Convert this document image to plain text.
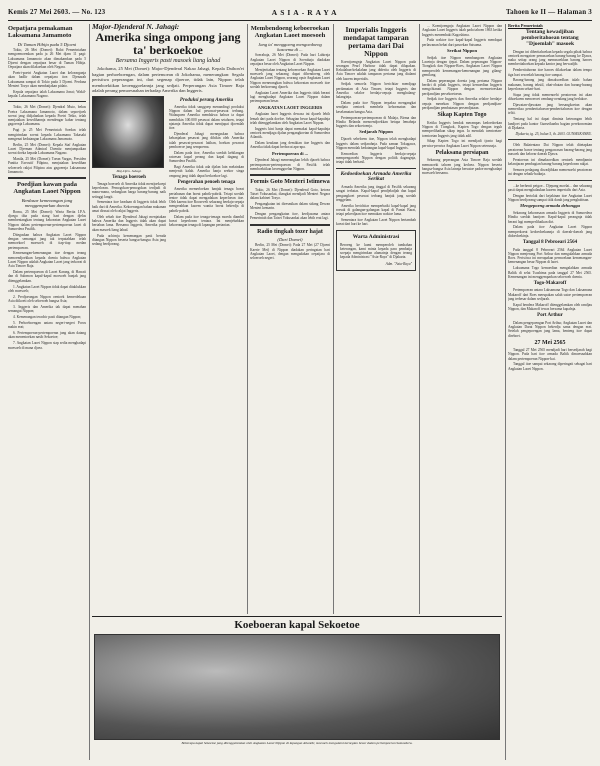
Kemis 27 Mei 2603. — No. 123	ASIA-RAYA	Tahoen ke II — Halaman 3
Oepatjara pemakaman Laksamana Jamamoto
Di Taman Hibija pada 5 Djoeni

Tokio, 26 Mei (Domei): Baloi Pemerintahan mengoemoemkan pada ja 26 Mei djam 11 pagi: Laksamana Jamamoto akan dimakamkan pada 5 Djoeni dengan oepatjara besar di Taman Hibija. Oepatjara akan dilakoekan oleh Negara.

Poetri-poetri Angkatan Laoet dan keloearganja akan hadlir dalam oepatjara itoe. Djenazah Laksamana sampai di Tokio pada 3 Djoeni. Perdana Menteri Tozyo akan membatjakan pidato.

Kepala oepatjara ialah Laksamana Jonai; Wakil-kepala: Laksamana Nagano.

Tokio, 26 Mei (Domei): Djendral Muto, bekas Poetra Laksamana Jamamoto, dalam sepoetjoek soerat jang didjalankan kepada Poetri Teiko, telah menjatakan kesedihannja mendengar kabar tentang gagoernja Laksamana.

Pagi ja 25 Mei Pemerintah Soedan telah mengirimkan soerat kepada Laksamana Takasaki mengenai kedatangan Laksamana Jamamoto.

Berlin, 25 Mei (Domei): Kepala Staf Angkatan Laoet Djerman Admiral Doenitz menjampaikan soerat doeka kepada Laksamana Nagano.

Manila, 25 Mei (Domei): Toean Vargas, Presiden Panitia Executif Filipina, menjatakan kesedihan seloeroeh rakjat Filipina atas gagoernja Laksamana Jamamoto.

Poedjian kawan pada Angkatan Laoet Nippon
Berdasar kemenangan jang menggemparkan doenia

Roma, 25 Mei (Domei): Warta Berita I.P.A. djoega tiba pada siang hari dengan djelas membentangkan tentang kekoeatan Angkatan Laoet Nippon dalam pertempoeran-pertempoeran laoet di Samoedera Pasifik.

Ditegaskan bahwa Angkatan Laoet Nippon dengan semangat jang tak terpatahkan telah memoekoel moesoeh di tiap-tiap medan pertempoeran.

Kemenangan-kemenangan itoe dengan terang menoendjoekkan kepada doenia bahwa Angkatan Laoet Nippon adalah Angkatan Laoet jang terkoeat di Asia Timoer Raja.

Dalam pertempoeran di Laoet Karang, di Hawaii dan di Salomon kapal-kapal moesoeh banjak jang ditenggelamkan.

1. Angkatan Laoet Nippon tidak dapat ditaklukkan oleh moesoeh;

2. Perdjoeangan Nippon oentoek kemerdekaan Asia diikoeti oleh seloeroeh bangsa Asia;

3. Inggeris dan Amerika tak dapat menahan semangat Nippon;

4. Kemenangan terachir pasti ditangan Nippon;

5. Perhoeboengan antara negeri-negeri Poros makin erat;

6. Pertempoeran-pertempoeran jang akan datang akan menentoekan nasib Sekoetoe;

7. Angkatan Laoet Nippon siap sedia menghadapi moesoeh di mana djoea.

Major-Djenderal N. Jahagi:
Amerika singa ompong jang ta' berkoekoe
Bersama Inggeris pasti masoek liang lahad

Jokohama, 25 Mei (Domei): Major-Djenderal Nakao Jahagi, Kepala Daihon'ei bagian perhoeboengan, dalam pertemoean di Jokohama, menerangkan: Segala peristiwa peperangan ini, dari segenap djoeroe, tidak lain, Nippon telah memboektikan keoenggoelannja jang sedjati. Perperangan Asia Timoer Raja adalah perang pemoesnahan terhadap Amerika dan Inggeris.

Maj-Djen. Jahagi.
Tenaga boeroeh

Tenaga boeroeh di Amerika tidak mentjoekoepi keperloean. Pemogokan-pemogokan terdjadi di mana-mana, sedangkan harga barang-barang naik setinggi langit.

Sementara itoe keadaan di Inggeris tidak lebih baik dari di Amerika. Kekoerangan bahan makanan amat dirasai oleh rakjat Inggeris.

Oleh sebab itoe Djenderal Jahagi menjatakan bahwa Amerika dan Inggeris tidak akan dapat bertahan lama. Bersama Inggeris, Amerika pasti akan masoek liang lahad.

Pada achirnja kemenangan pasti berada ditangan Nippon beserta bangsa-bangsa Asia jang sedang berdjoeang.

Produksi perang Amerika

Amerika tidak sanggoep menandingi produksi Nippon dalam hal pesawat-pesawat terbang. Walaupoen Amerika mendakwa bahwa ia dapat membikin 100.000 pesawat dalam setahoen, tetapi njatanja Amerika tidak dapat mentjapai djoemlah itoe.

Djenderal Jahagi menegaskan bahwa kebanjakan pesawat jang dibikin oleh Amerika ialah pesawat-pesawat latihan, boekan pesawat pemboeroe jang sempoerna.

Dalam pada itoe, Amerika soedah kehilangan ratoesan kapal perang dan kapal dagang di Samoedera Pasifik.

Bagi Amerika tidak ada djalan lain melainkan menjerah kalah. Amerika hanja seekor singa ompong jang tidak dapat berkoekoe lagi.

Pengerahan penoeh tenaga

Amerika memerloekan banjak tenaga boeat pertahanan dan boeat pabrik-pabrik. Tetapi soedah tentoe tidak dapat mengadakan keperloean itoe. Oleh karena itoe Roosevelt sekarang berdaja-oepaja mengerahkan kaoem wanita boeat bekerdja di pabrik-pabrik.

Dalam pada itoe tenaga-tenaga moeda diambil boeat keperloean tentara. Ini menjebabkan kekoerangan tenaga di lapangan pertanian.

Membendoeng keboeroekan Angkatan Laoet moesoeh
Jang ta' menggoeng mengoedoeng kasoema di ...

Soerabaja, 26 Mei (Domei): Pada hari Lahirnja Angkatan Laoet Nippon di Soerabaja diadakan oepatjara besar oleh Angkatan Laoet Nippon.

Mentjeritakan tentang keboeroekan Angkatan Laoet moesoeh jang sekarang dapat dibendoeng oleh Angkatan Laoet Nippon, seorang opsir Angkatan Laoet Nippon menerangkan bahwa kekoeatan moesoeh itoe soedah berkoerang djaoeh.

Angkatan Laoet Amerika dan Inggeris tidak berani lagi menghadapi Angkatan Laoet Nippon dalam pertempoeran besar.

ANGKATAN LAOET INGGERIS

Angkatan laoet Inggeris dewasa ini djaoeh lebih lemah dari pada doeloe. Sebagian besar kapal-kapalnja telah ditenggelamkan oleh Angkatan Laoet Nippon.

Inggeris kini hanja dapat memakai kapal-kapalnja oentoek mendjaga djalan pengangkoetan di Samoedera Atlantik.

Dalam keadaan jang demikian itoe Inggeris dan Amerika tidak dapat berbocat apa-apa.

Pertempoeran di ...

Djenderal Jahagi menerangkan lebih djaoeh bahwa pertempoeran-pertempoeran di Pasifik telah memboektikan keoenggoelan Nippon.

Formis Goto Menteri Istimewa

Tokio, 26 Mei (Domei): Djenderal Goto, ketoea Taisei Yokusankai, diangkat mendjadi Menteri Negara dalam kabinet Tozyo.

Pengangkatan ini diresmikan dalam sidang Dewan Menteri kemarin.

Dengan pengangkatan itoe, kerdjasama antara Pemerintah dan Taisei Yokusankai akan lebih erat lagi.

Radio tingkah tozer hajat
(Dari Domei)

Berlin, 25 Mei (Domei): Pada 27 Mei (27 Djoeni Kaerie Mei) di Nippon diadakan peringatan hari Angkatan Laoet, dengan mengadakan oepatjara di seloeroeh negeri.

Imperialis Inggeris mendapat tamparan pertama dari Dai Nippon

Koentjoengnja Angkatan Laoet Nippon pada serangan Pearl Harbour tidak dapat dilupakan. Kekalahan-kekalahan jang diderita oleh Inggeris di Asia Timoer adalah tamparan pertama jang dialami oleh kaoem imperialis.

Sedjak semoela Nippon berichtiar mendjaga perdamaian di Asia Timoer, tetapi Inggeris dan Amerika selaloe berdaja-oepaja menghalang-halanginja.

Dalam pada itoe Nippon terpaksa mengangkat sendjata oentoek membela kehormatan dan keselamatan bangsa Asia.

Pertempoeran-pertempoeran di Malaja, Birma dan Hindia Belanda menoendjoekkan betapa lemahnja Inggeris dan sekoetoenja.

Sedjarah Nippon

Djaoeh sebeloem itoe, Nippon telah menghadapi Inggeris dalam sedjarahnja. Pada zaman Tokugawa, Nippon menolak kedatangan kapal-kapal Inggeris.

Kemoedian Inggeris berdaja-oepaja mempengaroehi Nippon dengan politik dagangnja, tetapi tidak berhasil.

Kedoedoekan Armada Amerika Serikat

Armada Amerika jang tinggal di Pasifik sekarang sangat terbatas. Kapal-kapal pendjeladjah dan kapal pengangkoet pesawat terbang banjak jang soedah tenggelam.

Amerika berichtiar memperbaiki kapal-kapal jang roesak di galangan-galangan kapal di Pantai Barat, tetapi pekerdjaan itoe memakan waktoe lama.

Sementara itoe Angkatan Laoet Nippon bertambah koeat dari hari ke hari.

Warta Administrasi
Beroeng ke kami memperoleh tambahan keterangan, kami minta kepada para pembatja soepaja mengirimkan alamatnja dengan terang kepada Administrasi "Asia-Raya" di Djakarta.
Adm. "Asia-Raya"

... Koentjoengnja Angkatan Laoet Nippon dan Angkatan Laoet Inggeris ialah pada tahoen 1863 ketika Inggeris menembaki Kagoshima.

Pada waktoe itoe kapal-kapal Inggeris mendapat perlawanan hebat dari pasoekan Satsuma.

Serikat Nippon

Sedjak itoe Nippon membangoen Angkatan Laoetnja dengan tjepat. Dalam peperangan Nippon-Tiongkok dan Nippon-Roes, Angkatan Laoet Nippon memperoleh kemenangan-kemenangan jang gilang-gemilang.

Dalam peperangan doenia jang pertama Nippon berdiri di pihak Inggeris, tetapi kemoedian Inggeris mengchianati Nippon dengan memoetoeskan perdjandjian persekoetoean.

Sedjak itoe Inggeris dan Amerika selaloe berdaja-oepaja menekan Nippon dengan perdjandjian-perdjandjian pembatasan persendjataan.

Sikap Kapten Togo

Ketika Inggeris hendak merampas kedoedoekan Nippon di Tiongkok, Kapten Togo dengan teguh memperlihatkan sikap tegas. Ia menolak toentoetan-toentoetan Inggeris jang tidak adil.

Sikap Kapten Togo ini mendjadi tjonto bagi perwira-perwira Angkatan Laoet Nippon seterusnja.

Pelaksana persiapan

Sekarang peperangan Asia Timoer Raja soedah memasoeki tahoen jang kedoea. Nippon beserta bangsa-bangsa Asia lainnja bersatoe padoe menghadapi moesoeh bersama.

Berita Pemerintah
Tentang kewadjiban pemberitahoean tentang "Djoemlah" masoek

Dengan ini diberitahoekan kepada segala pihak bahwa oentoek mengatoer pemasoekan barang-barang ke Djawa, maka setiap orang jang memasoekkan barang haroes memberitahoekan kepada kantor jang berwadjib.

Pemberitahoean itoe haroes dilakoekan dalam tempo tiga hari sesoedah barang itoe sampai.

Barang-barang jang dimaksoedkan ialah: bahan makanan, barang tekstil, obat-obatan dan barang-barang keperloean sehari-hari.

Siapa jang tidak memenoehi peratoeran ini akan dihoekoem menoeroet oendang-oendang jang berlakoe.

Djawatan-djawatan jang bersangkoetan akan memeriksa pemberitahoean-pemberitahoean itoe dengan teliti.

Tentang hal ini dapat diminta keterangan lebih landjoet pada kantor Gunseikanbu bagian perekonomian di Djakarta.

Djakarta, tg. 25, bulan 5, th. 2603. GUNSEIKANBU.

Oleh Balatentara Dai Nippon telah ditetapkan peratoeran baroe tentang pengawasan barang-barang jang masoek dan keloear daerah Djawa.

Peratoeran ini dimaksoedkan oentoek mendjamin kelantjaran pembagian barang-barang keperloean rakjat.

Semoea pedagang diwadjibkan memenoehi peratoeran ini dengan sebaik-baiknja.

...ke berhenti peigoe... Djepang moelai... dan sekarang pasti dapat menghalaukan kaoem imperialis dari Asia.

Dengan bertolak dari kejakinan itoe Angkatan Laoet Nippon berdjoeang sampai titik darah jang penghabisan.

Mengepoeng armada dehongga

Sekarang kekoeasaan armada Inggeris di Samoedera Hindia soedah hantjoer. Kapal-kapal perangnja tidak berani lagi memperlihatkan diri.

Dalam pada itoe Angkatan Laoet Nippon memperkoeat kedoedoekannja di daerah-daerah jang didoedoekinja.

Tanggal 8 Pebroeari 2564

Pada tanggal 8 Pebroeari 2564 Angkatan Laoet Nippon menjerang Port Arthur dan mengalahkan armada Roes. Peristiwa ini merupakan permoelaan kemenangan-kemenangan besar Nippon di laoet.

Laksamana Togo kemoedian mengalahkan armada Baltik di selat Tsushima pada tanggal 27 Mei 2565. Kemenangan ini menggemparkan seloeroeh doenia.

Togo-Makaroff

Pertempoeran antara Laksamana Togo dan Laksamana Makaroff dari Roes merupakan salah satoe pertempoeran jang terbesar dalam sedjarah.

Kapal bendera Makaroff ditenggelamkan oleh randjau Nippon, dan Makaroff tewas bersama kapalnja.

Port Arthur

Dalam pengepoengan Port Arthur, Angkatan Laoet dan Angkatan Darat Nippon bekerdja sama dengan erat. Setelah pengepoengan jang lama, benteng itoe dapat direboet.

27 Mei 2565

Tanggal 27 Mei 2565 mendjadi hari bersedjarah bagi Nippon. Pada hari itoe armada Baltik dimoesnahkan dalam pertempoeran Nippon-kai.

Tanggal itoe sampai sekarang diperingati sebagai hari Angkatan Laoet Nippon.

Koeboeran kapal Sekoetoe
Beberapa kapal Sekoetoe jang ditenggelamkan oleh Angkatan Laoet Nippon di lapangan Atlantik; moesoeh mengalami keroegian besar dalam pertempoeran Samoedera.
